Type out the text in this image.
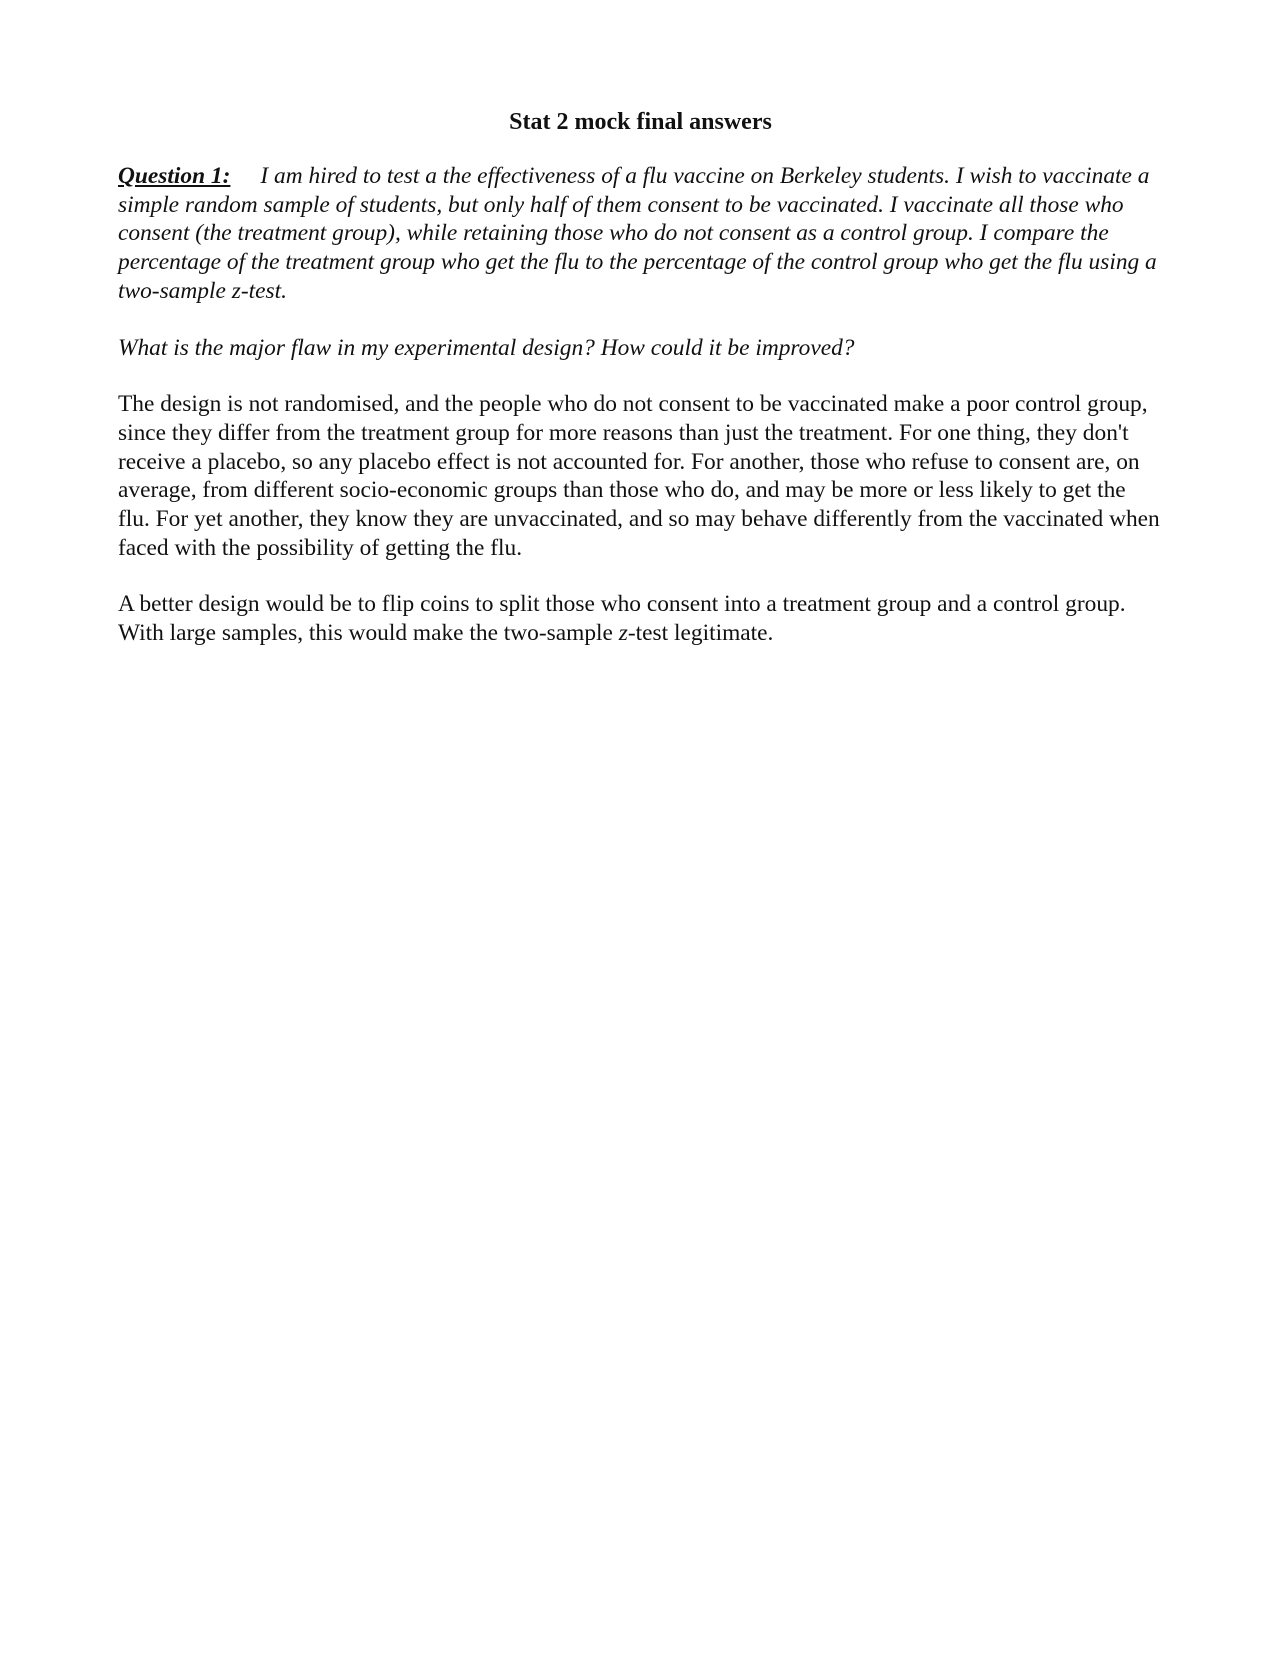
Stat 2 mock final answers

Question 1: I am hired to test a the effectiveness of a flu vaccine on Berkeley students. I wish to vaccinate a simple random sample of students, but only half of them consent to be vaccinated. I vaccinate all those who consent (the treatment group), while retaining those who do not consent as a control group. I compare the percentage of the treatment group who get the flu to the percentage of the control group who get the flu using a two-sample z-test.

What is the major flaw in my experimental design? How could it be improved?

The design is not randomised, and the people who do not consent to be vaccinated make a poor control group, since they differ from the treatment group for more reasons than just the treatment. For one thing, they don't receive a placebo, so any placebo effect is not accounted for. For another, those who refuse to consent are, on average, from different socio-economic groups than those who do, and may be more or less likely to get the flu. For yet another, they know they are unvaccinated, and so may behave differently from the vaccinated when faced with the possibility of getting the flu.

A better design would be to flip coins to split those who consent into a treatment group and a control group. With large samples, this would make the two-sample z-test legitimate.
